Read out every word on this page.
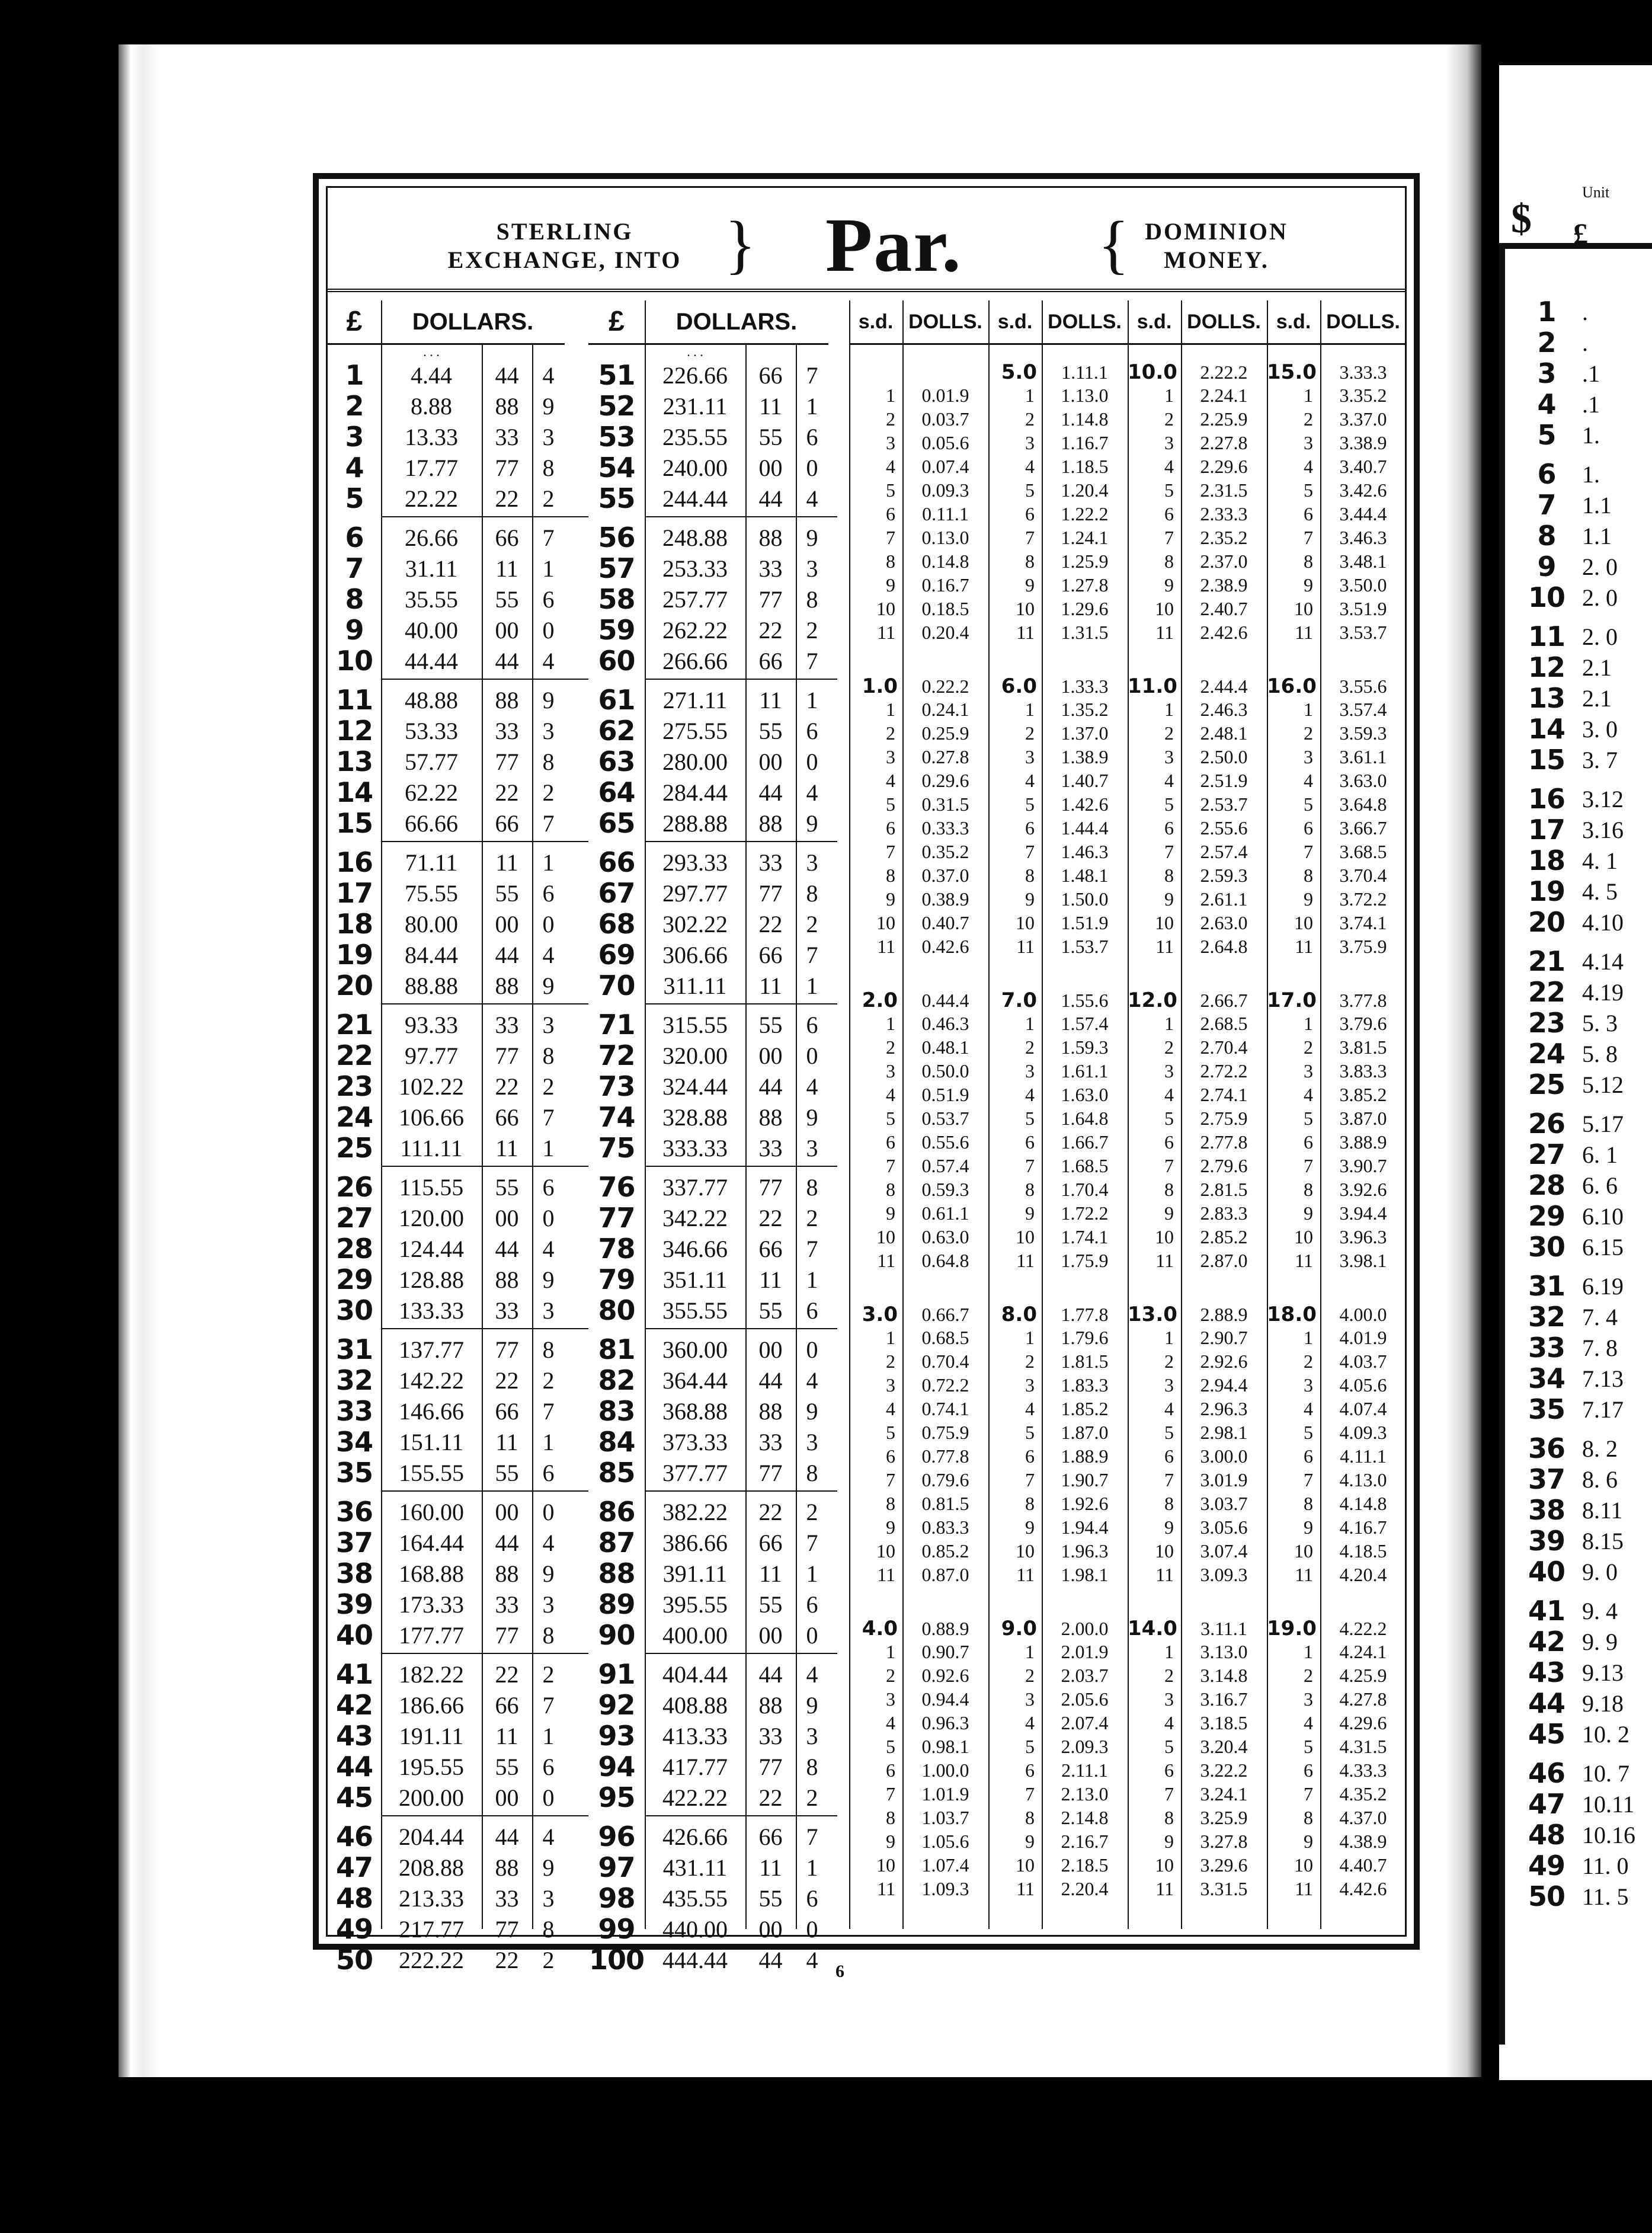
STERLING
EXCHANGE, INTO } Par. { DOMINION
MONEY.
£	DOLLARS.
. . .
1	4.44	44	4
2	8.88	88	9
3	13.33	33	3
4	17.77	77	8
5	22.22	22	2
6	26.66	66	7
7	31.11	11	1
8	35.55	55	6
9	40.00	00	0
10	44.44	44	4
11	48.88	88	9
12	53.33	33	3
13	57.77	77	8
14	62.22	22	2
15	66.66	66	7
16	71.11	11	1
17	75.55	55	6
18	80.00	00	0
19	84.44	44	4
20	88.88	88	9
21	93.33	33	3
22	97.77	77	8
23	102.22	22	2
24	106.66	66	7
25	111.11	11	1
26	115.55	55	6
27	120.00	00	0
28	124.44	44	4
29	128.88	88	9
30	133.33	33	3
31	137.77	77	8
32	142.22	22	2
33	146.66	66	7
34	151.11	11	1
35	155.55	55	6
36	160.00	00	0
37	164.44	44	4
38	168.88	88	9
39	173.33	33	3
40	177.77	77	8
41	182.22	22	2
42	186.66	66	7
43	191.11	11	1
44	195.55	55	6
45	200.00	00	0
46	204.44	44	4
47	208.88	88	9
48	213.33	33	3
49	217.77	77	8
50	222.22	22	2
£	DOLLARS.
. . .
51	226.66	66	7
52	231.11	11	1
53	235.55	55	6
54	240.00	00	0
55	244.44	44	4
56	248.88	88	9
57	253.33	33	3
58	257.77	77	8
59	262.22	22	2
60	266.66	66	7
61	271.11	11	1
62	275.55	55	6
63	280.00	00	0
64	284.44	44	4
65	288.88	88	9
66	293.33	33	3
67	297.77	77	8
68	302.22	22	2
69	306.66	66	7
70	311.11	11	1
71	315.55	55	6
72	320.00	00	0
73	324.44	44	4
74	328.88	88	9
75	333.33	33	3
76	337.77	77	8
77	342.22	22	2
78	346.66	66	7
79	351.11	11	1
80	355.55	55	6
81	360.00	00	0
82	364.44	44	4
83	368.88	88	9
84	373.33	33	3
85	377.77	77	8
86	382.22	22	2
87	386.66	66	7
88	391.11	11	1
89	395.55	55	6
90	400.00	00	0
91	404.44	44	4
92	408.88	88	9
93	413.33	33	3
94	417.77	77	8
95	422.22	22	2
96	426.66	66	7
97	431.11	11	1
98	435.55	55	6
99	440.00	00	0
100 444.44	44	4
s.d. DOLLS.
1	0.01.9
2	0.03.7
3	0.05.6
4	0.07.4
5	0.09.3
6	0.11.1
7	0.13.0
8	0.14.8
9	0.16.7
10	0.18.5
11	0.20.4
1.0	0.22.2
1	0.24.1
2	0.25.9
3	0.27.8
4	0.29.6
5	0.31.5
6	0.33.3
7	0.35.2
8	0.37.0
9	0.38.9
10	0.40.7
11	0.42.6
2.0	0.44.4
1	0.46.3
2	0.48.1
3	0.50.0
4	0.51.9
5	0.53.7
6	0.55.6
7	0.57.4
8	0.59.3
9	0.61.1
10	0.63.0
11	0.64.8
3.0	0.66.7
1	0.68.5
2	0.70.4
3	0.72.2
4	0.74.1
5	0.75.9
6	0.77.8
7	0.79.6
8	0.81.5
9	0.83.3
10	0.85.2
11	0.87.0
4.0	0.88.9
1	0.90.7
2	0.92.6
3	0.94.4
4	0.96.3
5	0.98.1
6	1.00.0
7	1.01.9
8	1.03.7
9	1.05.6
10	1.07.4
11	1.09.3
s.d. DOLLS.
5.0	1.11.1
1	1.13.0
2	1.14.8
3	1.16.7
4	1.18.5
5	1.20.4
6	1.22.2
7	1.24.1
8	1.25.9
9	1.27.8
10	1.29.6
11	1.31.5
6.0	1.33.3
1	1.35.2
2	1.37.0
3	1.38.9
4	1.40.7
5	1.42.6
6	1.44.4
7	1.46.3
8	1.48.1
9	1.50.0
10	1.51.9
11	1.53.7
7.0	1.55.6
1	1.57.4
2	1.59.3
3	1.61.1
4	1.63.0
5	1.64.8
6	1.66.7
7	1.68.5
8	1.70.4
9	1.72.2
10	1.74.1
11	1.75.9
8.0	1.77.8
1	1.79.6
2	1.81.5
3	1.83.3
4	1.85.2
5	1.87.0
6	1.88.9
7	1.90.7
8	1.92.6
9	1.94.4
10	1.96.3
11	1.98.1
9.0	2.00.0
1	2.01.9
2	2.03.7
3	2.05.6
4	2.07.4
5	2.09.3
6	2.11.1
7	2.13.0
8	2.14.8
9	2.16.7
10	2.18.5
11	2.20.4
s.d. DOLLS.
10.0	2.22.2
1	2.24.1
2	2.25.9
3	2.27.8
4	2.29.6
5	2.31.5
6	2.33.3
7	2.35.2
8	2.37.0
9	2.38.9
10	2.40.7
11	2.42.6
11.0	2.44.4
1	2.46.3
2	2.48.1
3	2.50.0
4	2.51.9
5	2.53.7
6	2.55.6
7	2.57.4
8	2.59.3
9	2.61.1
10	2.63.0
11	2.64.8
12.0	2.66.7
1	2.68.5
2	2.70.4
3	2.72.2
4	2.74.1
5	2.75.9
6	2.77.8
7	2.79.6
8	2.81.5
9	2.83.3
10	2.85.2
11	2.87.0
13.0	2.88.9
1	2.90.7
2	2.92.6
3	2.94.4
4	2.96.3
5	2.98.1
6	3.00.0
7	3.01.9
8	3.03.7
9	3.05.6
10	3.07.4
11	3.09.3
14.0	3.11.1
1	3.13.0
2	3.14.8
3	3.16.7
4	3.18.5
5	3.20.4
6	3.22.2
7	3.24.1
8	3.25.9
9	3.27.8
10	3.29.6
11	3.31.5
s.d. DOLLS.
15.0	3.33.3
1	3.35.2
2	3.37.0
3	3.38.9
4	3.40.7
5	3.42.6
6	3.44.4
7	3.46.3
8	3.48.1
9	3.50.0
10	3.51.9
11	3.53.7
16.0	3.55.6
1	3.57.4
2	3.59.3
3	3.61.1
4	3.63.0
5	3.64.8
6	3.66.7
7	3.68.5
8	3.70.4
9	3.72.2
10	3.74.1
11	3.75.9
17.0	3.77.8
1	3.79.6
2	3.81.5
3	3.83.3
4	3.85.2
5	3.87.0
6	3.88.9
7	3.90.7
8	3.92.6
9	3.94.4
10	3.96.3
11	3.98.1
18.0	4.00.0
1	4.01.9
2	4.03.7
3	4.05.6
4	4.07.4
5	4.09.3
6	4.11.1
7	4.13.0
8	4.14.8
9	4.16.7
10	4.18.5
11	4.20.4
19.0	4.22.2
1	4.24.1
2	4.25.9
3	4.27.8
4	4.29.6
5	4.31.5
6	4.33.3
7	4.35.2
8	4.37.0
9	4.38.9
10	4.40.7
11	4.42.6
6
$
Unit
£
1	.
2	.
3	.1
4	.1
5	1.
6	1.
7	1.1
8	1.1
9	2. 0
10 2. 0
11 2. 0
12 2.1
13 2.1
14 3. 0
15 3. 7
16 3.12
17 3.16
18 4. 1
19 4. 5
20 4.10
21 4.14
22 4.19
23 5. 3
24 5. 8
25 5.12
26 5.17
27 6. 1
28 6. 6
29 6.10
30 6.15
31 6.19
32 7. 4
33 7. 8
34 7.13
35 7.17
36 8. 2
37 8. 6
38 8.11
39 8.15
40 9. 0
41 9. 4
42 9. 9
43 9.13
44 9.18
45 10. 2
46 10. 7
47 10.11
48 10.16
49 11. 0
50 11. 5
